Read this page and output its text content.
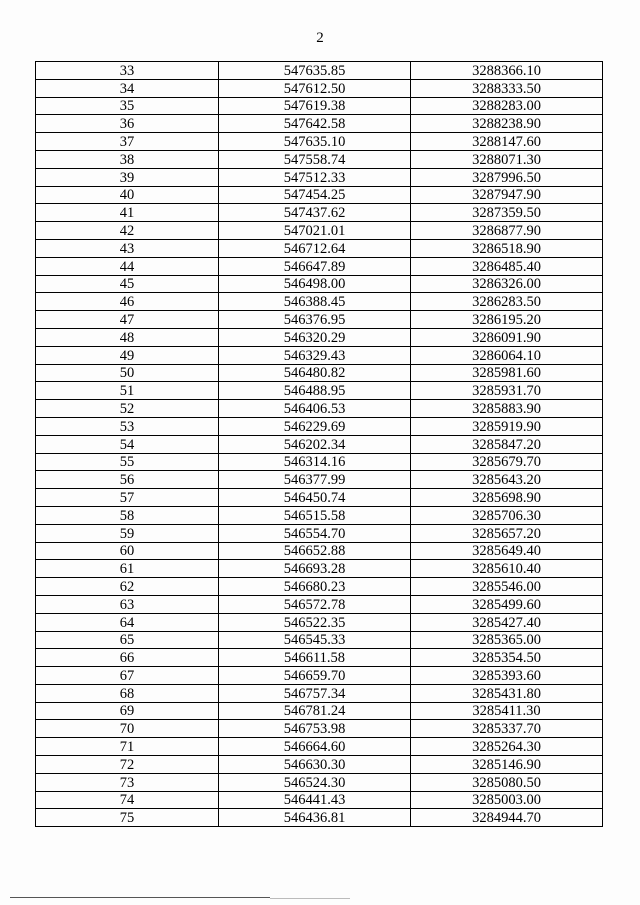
2
33	547635.85	3288366.10
34	547612.50	3288333.50
35	547619.38	3288283.00
36	547642.58	3288238.90
37	547635.10	3288147.60
38	547558.74	3288071.30
39	547512.33	3287996.50
40	547454.25	3287947.90
41	547437.62	3287359.50
42	547021.01	3286877.90
43	546712.64	3286518.90
44	546647.89	3286485.40
45	546498.00	3286326.00
46	546388.45	3286283.50
47	546376.95	3286195.20
48	546320.29	3286091.90
49	546329.43	3286064.10
50	546480.82	3285981.60
51	546488.95	3285931.70
52	546406.53	3285883.90
53	546229.69	3285919.90
54	546202.34	3285847.20
55	546314.16	3285679.70
56	546377.99	3285643.20
57	546450.74	3285698.90
58	546515.58	3285706.30
59	546554.70	3285657.20
60	546652.88	3285649.40
61	546693.28	3285610.40
62	546680.23	3285546.00
63	546572.78	3285499.60
64	546522.35	3285427.40
65	546545.33	3285365.00
66	546611.58	3285354.50
67	546659.70	3285393.60
68	546757.34	3285431.80
69	546781.24	3285411.30
70	546753.98	3285337.70
71	546664.60	3285264.30
72	546630.30	3285146.90
73	546524.30	3285080.50
74	546441.43	3285003.00
75	546436.81	3284944.70
